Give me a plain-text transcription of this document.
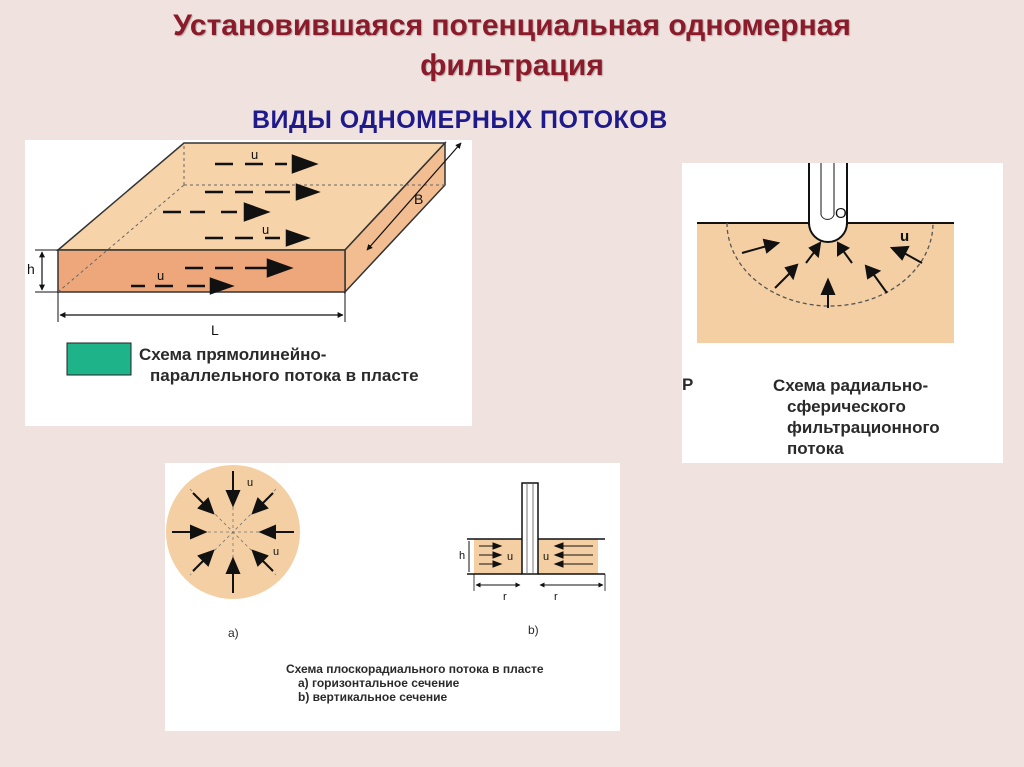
Установившаяся потенциальная одномерная
фильтрация
ВИДЫ ОДНОМЕРНЫХ ПОТОКОВ
u
u
u
B
h
L
Схема прямолинейно-
параллельного потока в пласте
O
u
P	Схема радиально-
сферического
фильтрационного
потока
u
u	u	u
h
r	r
a)	b)
Схема плоскорадиального потока в пласте
а) горизонтальное сечение
b) вертикальное сечение
